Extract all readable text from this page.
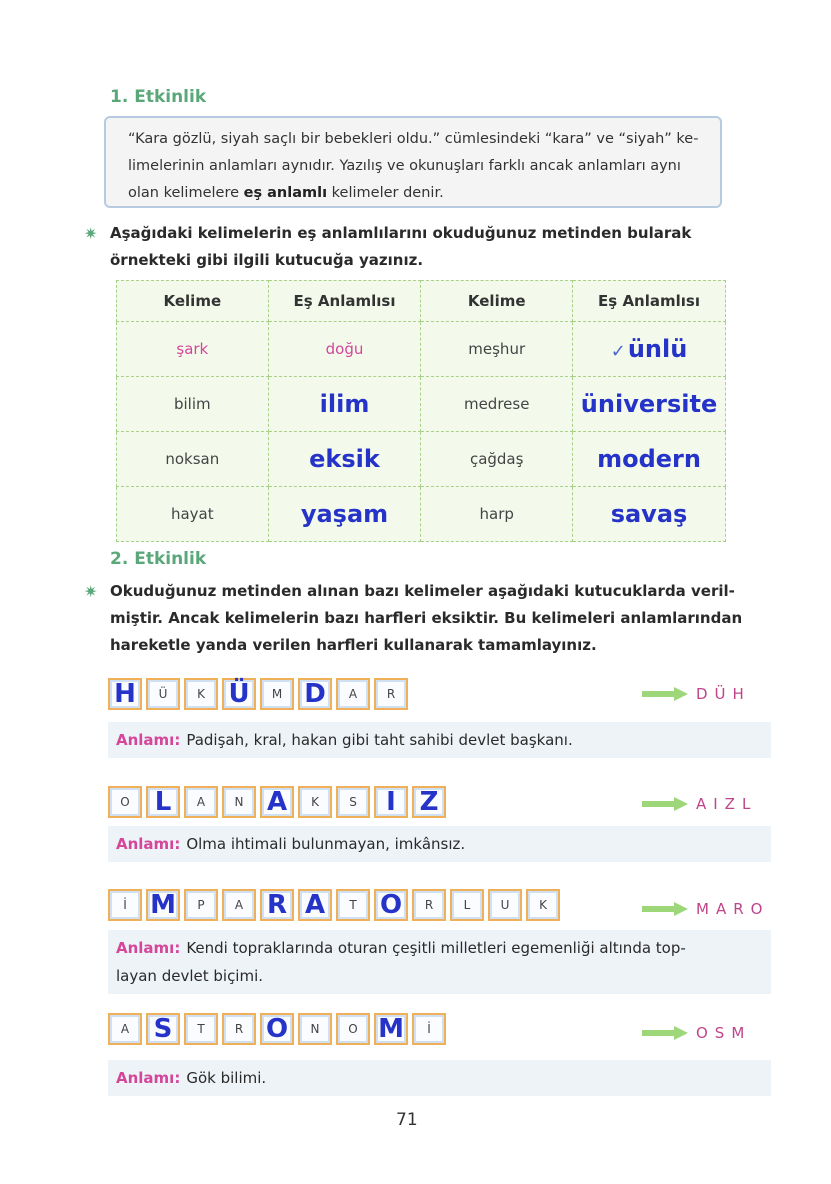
1. Etkinlik
“Kara gözlü, siyah saçlı bir bebekleri oldu.” cümlesindeki “kara” ve “siyah” ke-
limelerinin anlamları aynıdır. Yazılış ve okunuşları farklı ancak anlamları aynı
olan kelimelere eş anlamlı kelimeler denir.
✷ Aşağıdaki kelimelerin eş anlamlılarını okuduğunuz metinden bularak
örnekteki gibi ilgili kutucuğa yazınız.
Kelime	Eş Anlamlısı	Kelime	Eş Anlamlısı
şark	doğu	meşhur	✓ünlü
bilim	ilim	medrese	üniversite
noksan	eksik	çağdaş	modern
hayat	yaşam	harp	savaş
2. Etkinlik
✷ Okuduğunuz metinden alınan bazı kelimeler aşağıdaki kutucuklarda veril-
miştir. Ancak kelimelerin bazı harfleri eksiktir. Bu kelimeleri anlamlarından
hareketle yanda verilen harfleri kullanarak tamamlayınız.
H	Ü	K Ü	M D	A	R	DÜH
Anlamı: Padişah, kral, hakan gibi taht sahibi devlet başkanı.
O L	A	N A	K	S	I Z	AIZL
Anlamı: Olma ihtimali bulunmayan, imkânsız.
İ M	P	A R A	T O	R	L	U	K	MARO
Anlamı: Kendi topraklarında oturan çeşitli milletleri egemenliği altında top-
layan devlet biçimi.
A S	T	R O	N	O M	İ	OSM
Anlamı: Gök bilimi.
71
